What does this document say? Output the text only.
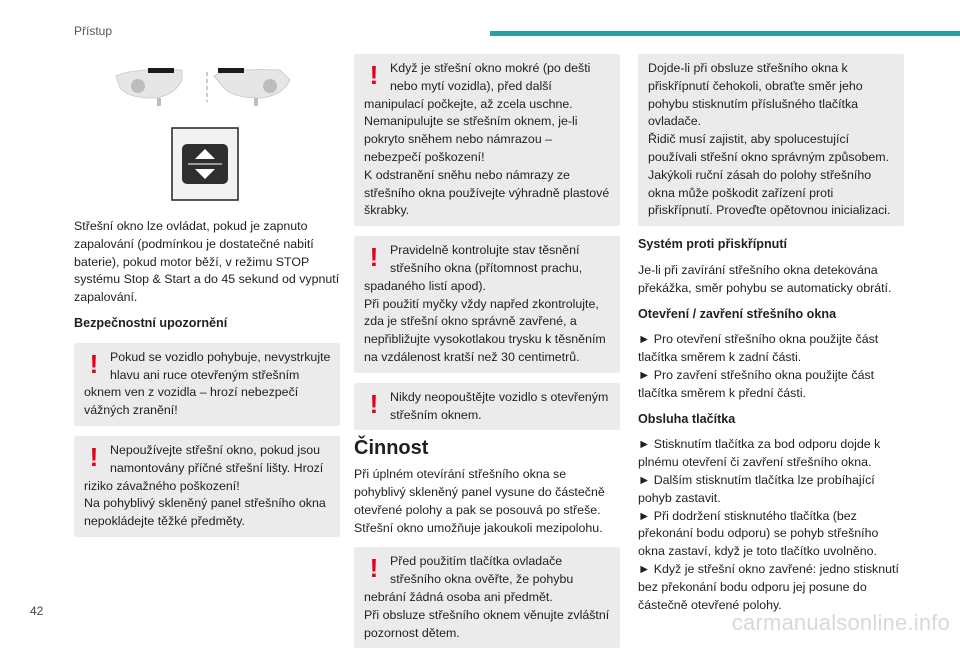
Přístup

Střešní okno lze ovládat, pokud je zapnuto zapalování (podmínkou je dostatečné nabití baterie), pokud motor běží, v režimu STOP systému Stop & Start a do 45 sekund od vypnutí zapalování.

Bezpečnostní upozornění
! Pokud se vozidlo pohybuje, nevystrkujte hlavu ani ruce otevřeným střešním oknem ven z vozidla – hrozí nebezpečí vážných zranění!

! Nepoužívejte střešní okno, pokud jsou namontovány příčné střešní lišty. Hrozí riziko závažného poškození!
Na pohyblivý skleněný panel střešního okna nepokládejte těžké předměty.

! Když je střešní okno mokré (po dešti nebo mytí vozidla), před další manipulací počkejte, až zcela uschne.
Nemanipulujte se střešním oknem, je-li pokryto sněhem nebo námrazou – nebezpečí poškození!
K odstranění sněhu nebo námrazy ze střešního okna používejte výhradně plastové škrabky.

! Pravidelně kontrolujte stav těsnění střešního okna (přítomnost prachu, spadaného listí apod).
Při použití myčky vždy napřed zkontrolujte, zda je střešní okno správně zavřené, a nepřibližujte vysokotlakou trysku k těsněním na vzdálenost kratší než 30 centimetrů.

! Nikdy neopouštějte vozidlo s otevřeným střešním oknem.

Činnost

Při úplném otevírání střešního okna se pohyblivý skleněný panel vysune do částečně otevřené polohy a pak se posouvá po střeše. Střešní okno umožňuje jakoukoli mezipolohu.

! Před použitím tlačítka ovladače střešního okna ověřte, že pohybu nebrání žádná osoba ani předmět.
Při obsluze střešního oknem věnujte zvláštní pozornost dětem.

Dojde-li při obsluze střešního okna k přiskřípnutí čehokoli, obraťte směr jeho pohybu stisknutím příslušného tlačítka ovladače.
Řidič musí zajistit, aby spolucestující používali střešní okno správným způsobem.
Jakýkoli ruční zásah do polohy střešního okna může poškodit zařízení proti přiskřípnutí. Proveďte opětovnou inicializaci.

Systém proti přiskřípnutí

Je-li při zavírání střešního okna detekována překážka, směr pohybu se automaticky obrátí.

Otevření / zavření střešního okna

► Pro otevření střešního okna použijte část tlačítka směrem k zadní části.

► Pro zavření střešního okna použijte část tlačítka směrem k přední části.

Obsluha tlačítka

► Stisknutím tlačítka za bod odporu dojde k plnému otevření či zavření střešního okna.

► Dalším stisknutím tlačítka lze probíhající pohyb zastavit.

► Při dodržení stisknutého tlačítka (bez překonání bodu odporu) se pohyb střešního okna zastaví, když je toto tlačítko uvolněno.

► Když je střešní okno zavřené: jedno stisknutí bez překonání bodu odporu jej posune do částečně otevřené polohy.

42	carmanualsonline.info
